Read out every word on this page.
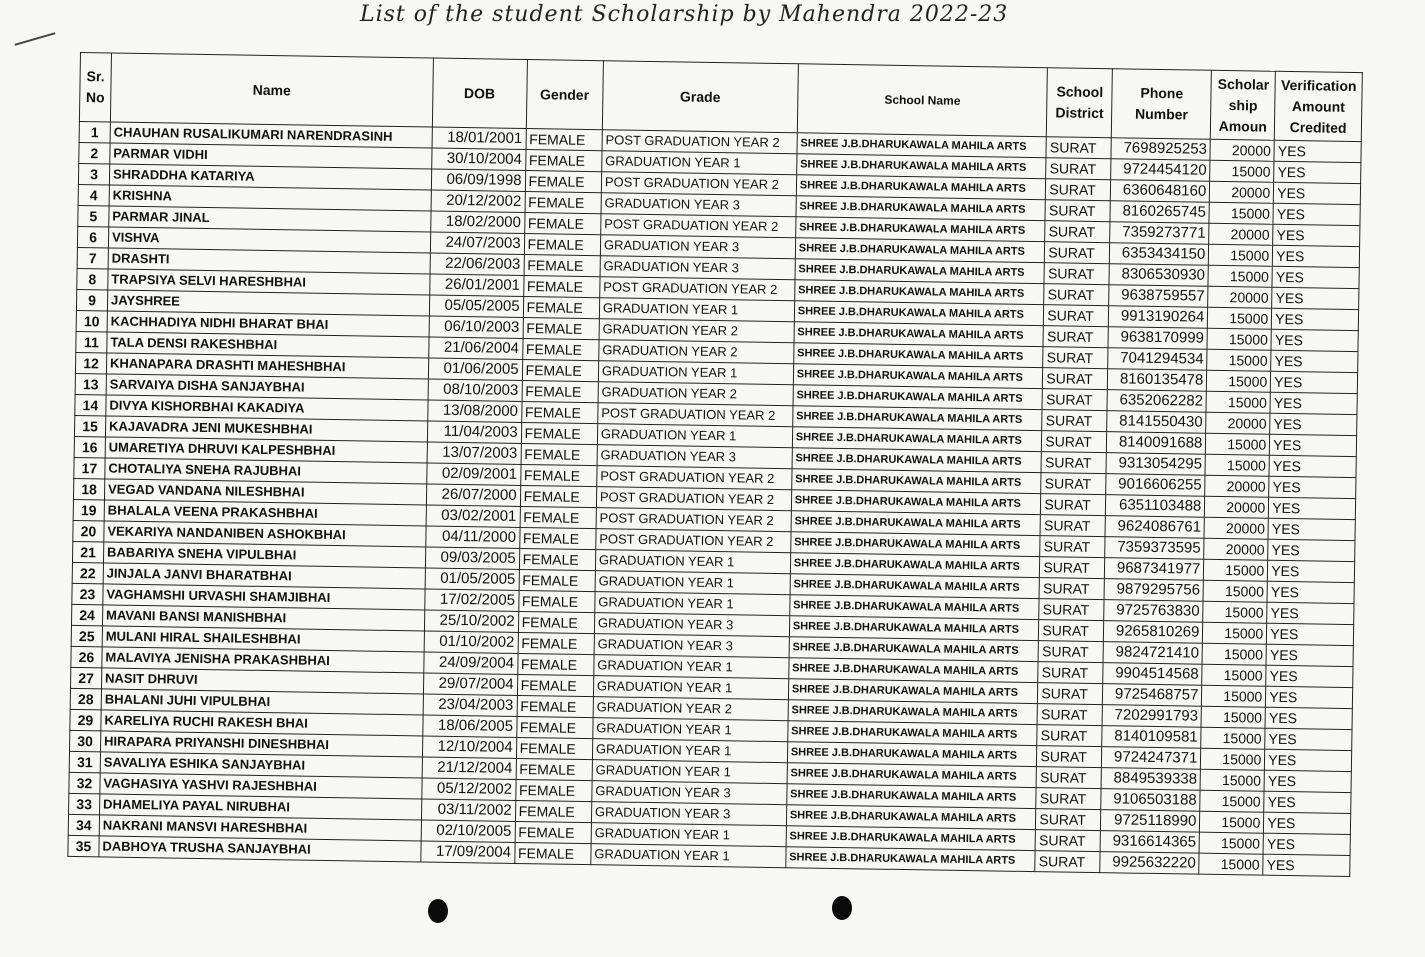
List of the student Scholarship by Mahendra 2022-23
Sr. No	Name	DOB	Gender	Grade	School Name	School District	Phone Number	Scholar ship Amoun	Verification Amount Credited
1	CHAUHAN RUSALIKUMARI NARENDRASINH	18/01/2001	FEMALE	POST GRADUATION YEAR 2	SHREE J.B.DHARUKAWALA MAHILA ARTS	SURAT	7698925253	20000	YES
2	PARMAR VIDHI	30/10/2004	FEMALE	GRADUATION YEAR 1	SHREE J.B.DHARUKAWALA MAHILA ARTS	SURAT	9724454120	15000	YES
3	SHRADDHA KATARIYA	06/09/1998	FEMALE	POST GRADUATION YEAR 2	SHREE J.B.DHARUKAWALA MAHILA ARTS	SURAT	6360648160	20000	YES
4	KRISHNA	20/12/2002	FEMALE	GRADUATION YEAR 3	SHREE J.B.DHARUKAWALA MAHILA ARTS	SURAT	8160265745	15000	YES
5	PARMAR JINAL	18/02/2000	FEMALE	POST GRADUATION YEAR 2	SHREE J.B.DHARUKAWALA MAHILA ARTS	SURAT	7359273771	20000	YES
6	VISHVA	24/07/2003	FEMALE	GRADUATION YEAR 3	SHREE J.B.DHARUKAWALA MAHILA ARTS	SURAT	6353434150	15000	YES
7	DRASHTI	22/06/2003	FEMALE	GRADUATION YEAR 3	SHREE J.B.DHARUKAWALA MAHILA ARTS	SURAT	8306530930	15000	YES
8	TRAPSIYA SELVI HARESHBHAI	26/01/2001	FEMALE	POST GRADUATION YEAR 2	SHREE J.B.DHARUKAWALA MAHILA ARTS	SURAT	9638759557	20000	YES
9	JAYSHREE	05/05/2005	FEMALE	GRADUATION YEAR 1	SHREE J.B.DHARUKAWALA MAHILA ARTS	SURAT	9913190264	15000	YES
10	KACHHADIYA NIDHI BHARAT BHAI	06/10/2003	FEMALE	GRADUATION YEAR 2	SHREE J.B.DHARUKAWALA MAHILA ARTS	SURAT	9638170999	15000	YES
11	TALA DENSI RAKESHBHAI	21/06/2004	FEMALE	GRADUATION YEAR 2	SHREE J.B.DHARUKAWALA MAHILA ARTS	SURAT	7041294534	15000	YES
12	KHANAPARA DRASHTI MAHESHBHAI	01/06/2005	FEMALE	GRADUATION YEAR 1	SHREE J.B.DHARUKAWALA MAHILA ARTS	SURAT	8160135478	15000	YES
13	SARVAIYA DISHA SANJAYBHAI	08/10/2003	FEMALE	GRADUATION YEAR 2	SHREE J.B.DHARUKAWALA MAHILA ARTS	SURAT	6352062282	15000	YES
14	DIVYA KISHORBHAI KAKADIYA	13/08/2000	FEMALE	POST GRADUATION YEAR 2	SHREE J.B.DHARUKAWALA MAHILA ARTS	SURAT	8141550430	20000	YES
15	KAJAVADRA JENI MUKESHBHAI	11/04/2003	FEMALE	GRADUATION YEAR 1	SHREE J.B.DHARUKAWALA MAHILA ARTS	SURAT	8140091688	15000	YES
16	UMARETIYA DHRUVI KALPESHBHAI	13/07/2003	FEMALE	GRADUATION YEAR 3	SHREE J.B.DHARUKAWALA MAHILA ARTS	SURAT	9313054295	15000	YES
17	CHOTALIYA SNEHA RAJUBHAI	02/09/2001	FEMALE	POST GRADUATION YEAR 2	SHREE J.B.DHARUKAWALA MAHILA ARTS	SURAT	9016606255	20000	YES
18	VEGAD VANDANA NILESHBHAI	26/07/2000	FEMALE	POST GRADUATION YEAR 2	SHREE J.B.DHARUKAWALA MAHILA ARTS	SURAT	6351103488	20000	YES
19	BHALALA VEENA PRAKASHBHAI	03/02/2001	FEMALE	POST GRADUATION YEAR 2	SHREE J.B.DHARUKAWALA MAHILA ARTS	SURAT	9624086761	20000	YES
20	VEKARIYA NANDANIBEN ASHOKBHAI	04/11/2000	FEMALE	POST GRADUATION YEAR 2	SHREE J.B.DHARUKAWALA MAHILA ARTS	SURAT	7359373595	20000	YES
21	BABARIYA SNEHA VIPULBHAI	09/03/2005	FEMALE	GRADUATION YEAR 1	SHREE J.B.DHARUKAWALA MAHILA ARTS	SURAT	9687341977	15000	YES
22	JINJALA JANVI BHARATBHAI	01/05/2005	FEMALE	GRADUATION YEAR 1	SHREE J.B.DHARUKAWALA MAHILA ARTS	SURAT	9879295756	15000	YES
23	VAGHAMSHI URVASHI SHAMJIBHAI	17/02/2005	FEMALE	GRADUATION YEAR 1	SHREE J.B.DHARUKAWALA MAHILA ARTS	SURAT	9725763830	15000	YES
24	MAVANI BANSI MANISHBHAI	25/10/2002	FEMALE	GRADUATION YEAR 3	SHREE J.B.DHARUKAWALA MAHILA ARTS	SURAT	9265810269	15000	YES
25	MULANI HIRAL SHAILESHBHAI	01/10/2002	FEMALE	GRADUATION YEAR 3	SHREE J.B.DHARUKAWALA MAHILA ARTS	SURAT	9824721410	15000	YES
26	MALAVIYA JENISHA PRAKASHBHAI	24/09/2004	FEMALE	GRADUATION YEAR 1	SHREE J.B.DHARUKAWALA MAHILA ARTS	SURAT	9904514568	15000	YES
27	NASIT DHRUVI	29/07/2004	FEMALE	GRADUATION YEAR 1	SHREE J.B.DHARUKAWALA MAHILA ARTS	SURAT	9725468757	15000	YES
28	BHALANI JUHI VIPULBHAI	23/04/2003	FEMALE	GRADUATION YEAR 2	SHREE J.B.DHARUKAWALA MAHILA ARTS	SURAT	7202991793	15000	YES
29	KARELIYA RUCHI RAKESH BHAI	18/06/2005	FEMALE	GRADUATION YEAR 1	SHREE J.B.DHARUKAWALA MAHILA ARTS	SURAT	8140109581	15000	YES
30	HIRAPARA PRIYANSHI DINESHBHAI	12/10/2004	FEMALE	GRADUATION YEAR 1	SHREE J.B.DHARUKAWALA MAHILA ARTS	SURAT	9724247371	15000	YES
31	SAVALIYA ESHIKA SANJAYBHAI	21/12/2004	FEMALE	GRADUATION YEAR 1	SHREE J.B.DHARUKAWALA MAHILA ARTS	SURAT	8849539338	15000	YES
32	VAGHASIYA YASHVI RAJESHBHAI	05/12/2002	FEMALE	GRADUATION YEAR 3	SHREE J.B.DHARUKAWALA MAHILA ARTS	SURAT	9106503188	15000	YES
33	DHAMELIYA PAYAL NIRUBHAI	03/11/2002	FEMALE	GRADUATION YEAR 3	SHREE J.B.DHARUKAWALA MAHILA ARTS	SURAT	9725118990	15000	YES
34	NAKRANI MANSVI HARESHBHAI	02/10/2005	FEMALE	GRADUATION YEAR 1	SHREE J.B.DHARUKAWALA MAHILA ARTS	SURAT	9316614365	15000	YES
35	DABHOYA TRUSHA SANJAYBHAI	17/09/2004	FEMALE	GRADUATION YEAR 1	SHREE J.B.DHARUKAWALA MAHILA ARTS	SURAT	9925632220	15000	YES
